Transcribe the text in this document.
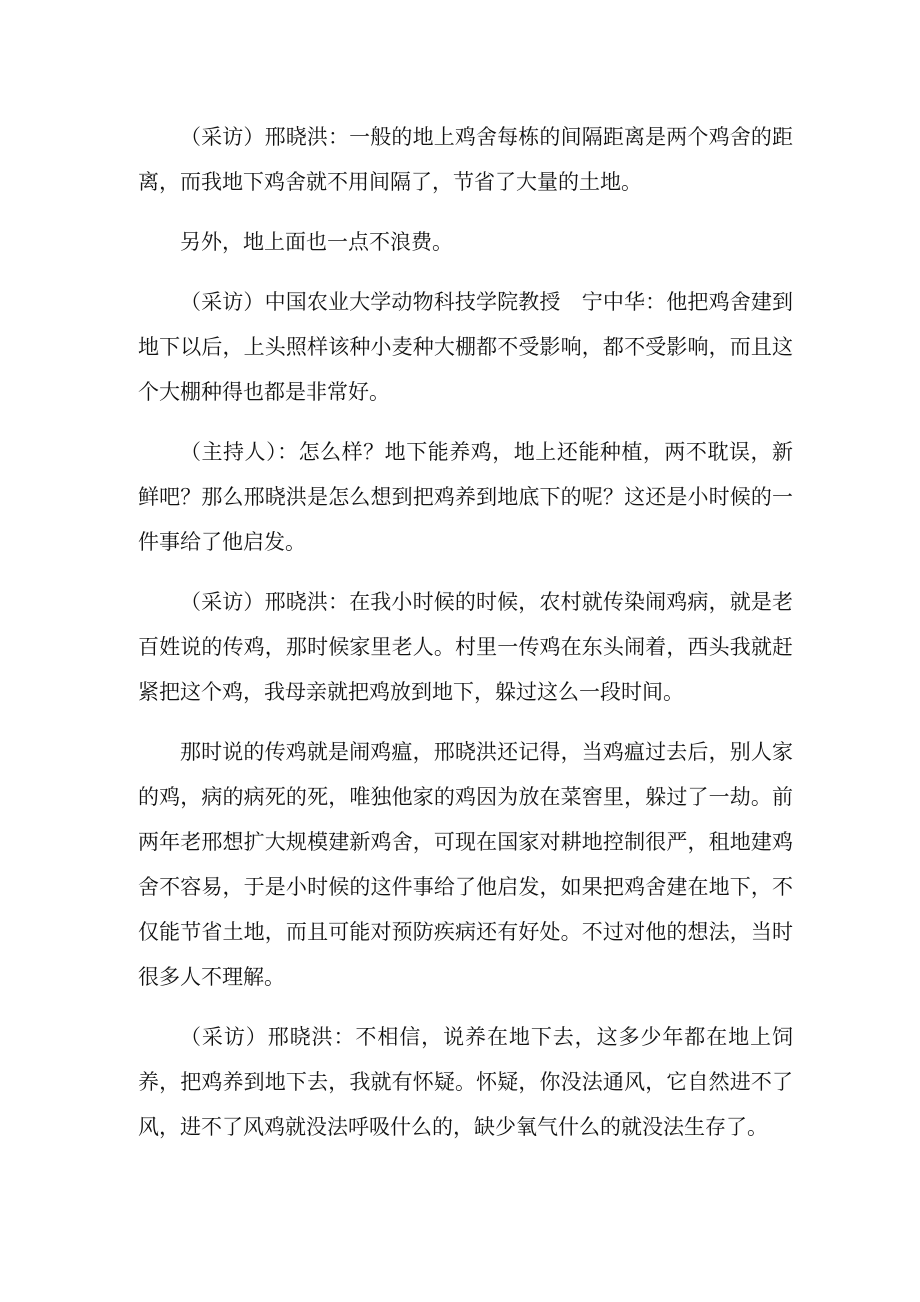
（采访）邢晓洪：一般的地上鸡舍每栋的间隔距离是两个鸡舍的距离，而我地下鸡舍就不用间隔了，节省了大量的土地。

另外，地上面也一点不浪费。

（采访）中国农业大学动物科技学院教授　宁中华：他把鸡舍建到地下以后，上头照样该种小麦种大棚都不受影响，都不受影响，而且这个大棚种得也都是非常好。

（主持人）：怎么样？地下能养鸡，地上还能种植，两不耽误，新鲜吧？那么邢晓洪是怎么想到把鸡养到地底下的呢？这还是小时候的一件事给了他启发。

（采访）邢晓洪：在我小时候的时候，农村就传染闹鸡病，就是老百姓说的传鸡，那时候家里老人。村里一传鸡在东头闹着，西头我就赶紧把这个鸡，我母亲就把鸡放到地下，躲过这么一段时间。

那时说的传鸡就是闹鸡瘟，邢晓洪还记得，当鸡瘟过去后，别人家的鸡，病的病死的死，唯独他家的鸡因为放在菜窖里，躲过了一劫。前两年老邢想扩大规模建新鸡舍，可现在国家对耕地控制很严，租地建鸡舍不容易，于是小时候的这件事给了他启发，如果把鸡舍建在地下，不仅能节省土地，而且可能对预防疾病还有好处。不过对他的想法，当时很多人不理解。

（采访）邢晓洪：不相信，说养在地下去，这多少年都在地上饲养，把鸡养到地下去，我就有怀疑。怀疑，你没法通风，它自然进不了风，进不了风鸡就没法呼吸什么的，缺少氧气什么的就没法生存了。
